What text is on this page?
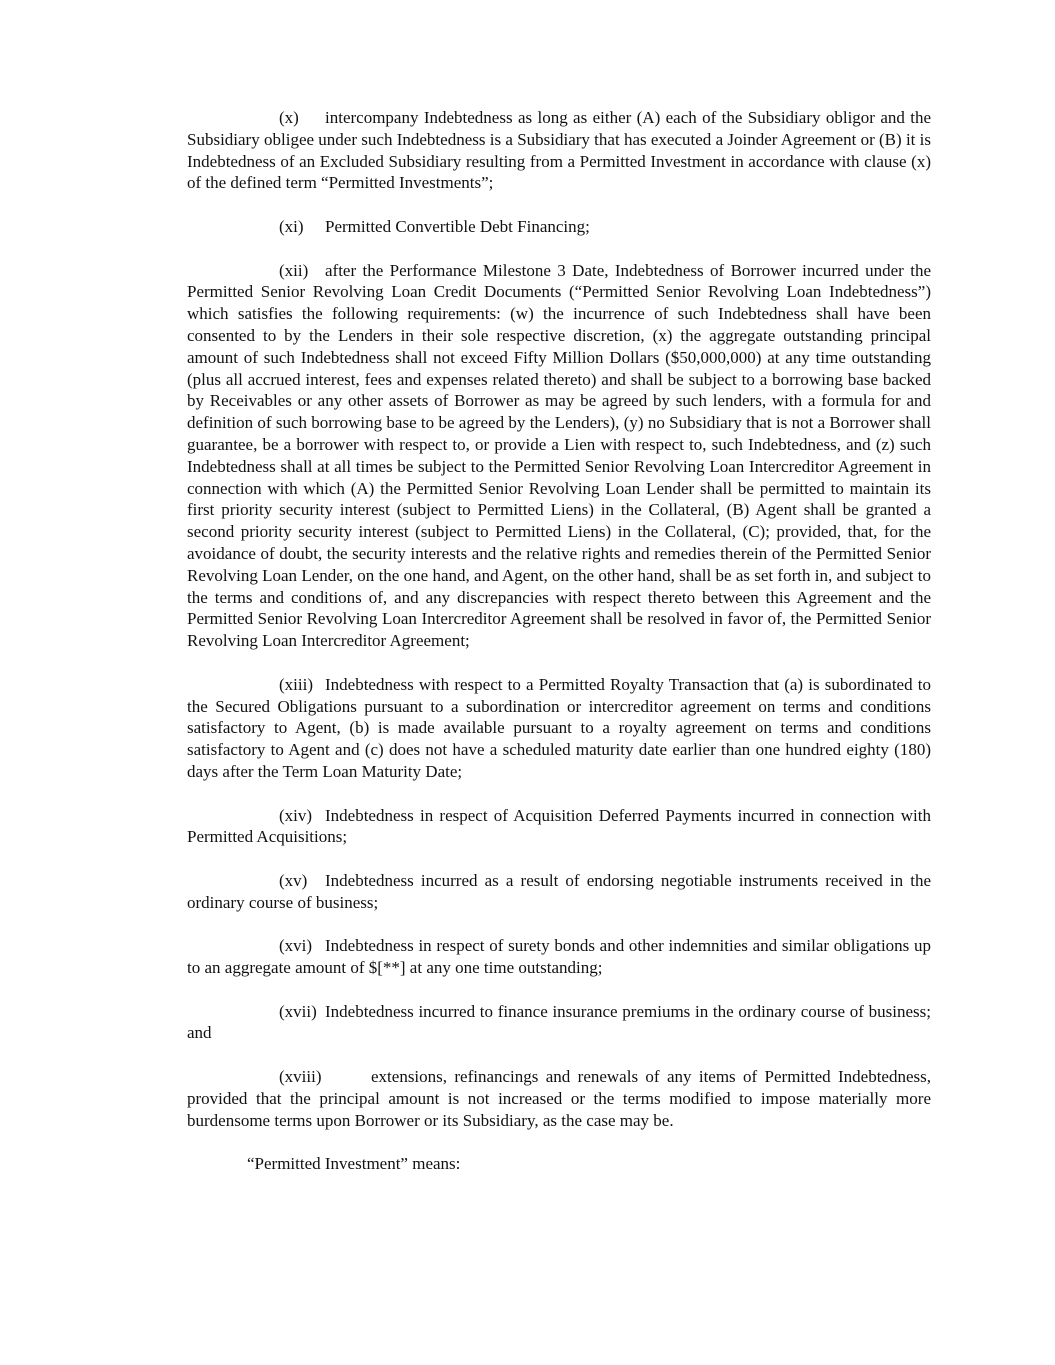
(x) intercompany Indebtedness as long as either (A) each of the Subsidiary obligor and the Subsidiary obligee under such Indebtedness is a Subsidiary that has executed a Joinder Agreement or (B) it is Indebtedness of an Excluded Subsidiary resulting from a Permitted Investment in accordance with clause (x) of the defined term “Permitted Investments”;

(xi) Permitted Convertible Debt Financing;

(xii) after the Performance Milestone 3 Date, Indebtedness of Borrower incurred under the Permitted Senior Revolving Loan Credit Documents (“Permitted Senior Revolving Loan Indebtedness”) which satisfies the following requirements: (w) the incurrence of such Indebtedness shall have been consented to by the Lenders in their sole respective discretion, (x) the aggregate outstanding principal amount of such Indebtedness shall not exceed Fifty Million Dollars ($50,000,000) at any time outstanding (plus all accrued interest, fees and expenses related thereto) and shall be subject to a borrowing base backed by Receivables or any other assets of Borrower as may be agreed by such lenders, with a formula for and definition of such borrowing base to be agreed by the Lenders), (y) no Subsidiary that is not a Borrower shall guarantee, be a borrower with respect to, or provide a Lien with respect to, such Indebtedness, and (z) such Indebtedness shall at all times be subject to the Permitted Senior Revolving Loan Intercreditor Agreement in connection with which (A) the Permitted Senior Revolving Loan Lender shall be permitted to maintain its first priority security interest (subject to Permitted Liens) in the Collateral, (B) Agent shall be granted a second priority security interest (subject to Permitted Liens) in the Collateral, (C); provided, that, for the avoidance of doubt, the security interests and the relative rights and remedies therein of the Permitted Senior Revolving Loan Lender, on the one hand, and Agent, on the other hand, shall be as set forth in, and subject to the terms and conditions of, and any discrepancies with respect thereto between this Agreement and the Permitted Senior Revolving Loan Intercreditor Agreement shall be resolved in favor of, the Permitted Senior Revolving Loan Intercreditor Agreement;

(xiii) Indebtedness with respect to a Permitted Royalty Transaction that (a) is subordinated to the Secured Obligations pursuant to a subordination or intercreditor agreement on terms and conditions satisfactory to Agent, (b) is made available pursuant to a royalty agreement on terms and conditions satisfactory to Agent and (c) does not have a scheduled maturity date earlier than one hundred eighty (180) days after the Term Loan Maturity Date;

(xiv) Indebtedness in respect of Acquisition Deferred Payments incurred in connection with Permitted Acquisitions;

(xv) Indebtedness incurred as a result of endorsing negotiable instruments received in the ordinary course of business;

(xvi) Indebtedness in respect of surety bonds and other indemnities and similar obligations up to an aggregate amount of $[**] at any one time outstanding;

(xvii) Indebtedness incurred to finance insurance premiums in the ordinary course of business; and

(xviii)	extensions, refinancings and renewals of any items of Permitted Indebtedness, provided that the principal amount is not increased or the terms modified to impose materially more burdensome terms upon Borrower or its Subsidiary, as the case may be.

“Permitted Investment” means:
